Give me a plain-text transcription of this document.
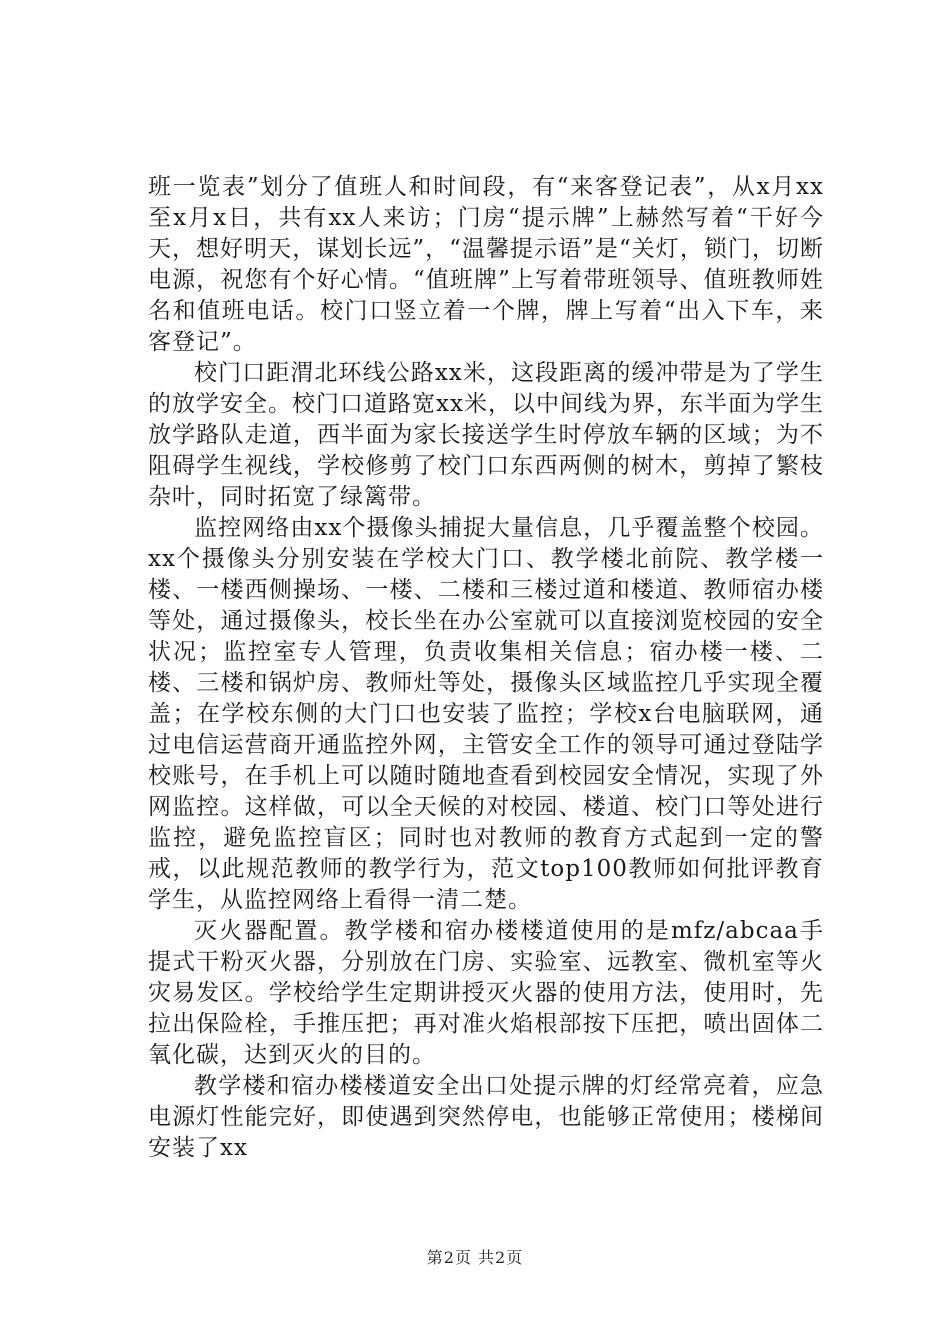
班一览表”划分了值班人和时间段，有“来客登记表”，从x月xx至x月x日，共有xx人来访；门房“提示牌”上赫然写着“干好今天，想好明天，谋划长远”，“温馨提示语”是“关灯，锁门，切断电源，祝您有个好心情。“值班牌”上写着带班领导、值班教师姓名和值班电话。校门口竖立着一个牌，牌上写着“出入下车，来客登记”。

校门口距渭北环线公路xx米，这段距离的缓冲带是为了学生的放学安全。校门口道路宽xx米，以中间线为界，东半面为学生放学路队走道，西半面为家长接送学生时停放车辆的区域；为不阻碍学生视线，学校修剪了校门口东西两侧的树木，剪掉了繁枝杂叶，同时拓宽了绿篱带。

监控网络由xx个摄像头捕捉大量信息，几乎覆盖整个校园。xx个摄像头分别安装在学校大门口、教学楼北前院、教学楼一楼、一楼西侧操场、一楼、二楼和三楼过道和楼道、教师宿办楼等处，通过摄像头，校长坐在办公室就可以直接浏览校园的安全状况；监控室专人管理，负责收集相关信息；宿办楼一楼、二楼、三楼和锅炉房、教师灶等处，摄像头区域监控几乎实现全覆盖；在学校东侧的大门口也安装了监控；学校x台电脑联网，通过电信运营商开通监控外网，主管安全工作的领导可通过登陆学校账号，在手机上可以随时随地查看到校园安全情况，实现了外网监控。这样做，可以全天候的对校园、楼道、校门口等处进行监控，避免监控盲区；同时也对教师的教育方式起到一定的警戒，以此规范教师的教学行为，范文top100教师如何批评教育学生，从监控网络上看得一清二楚。

灭火器配置。教学楼和宿办楼楼道使用的是mfz/abcaa手提式干粉灭火器，分别放在门房、实验室、远教室、微机室等火灾易发区。学校给学生定期讲授灭火器的使用方法，使用时，先拉出保险栓，手推压把；再对准火焰根部按下压把，喷出固体二氧化碳，达到灭火的目的。

教学楼和宿办楼楼道安全出口处提示牌的灯经常亮着，应急电源灯性能完好，即使遇到突然停电，也能够正常使用；楼梯间安装了xx

第2页 共2页
